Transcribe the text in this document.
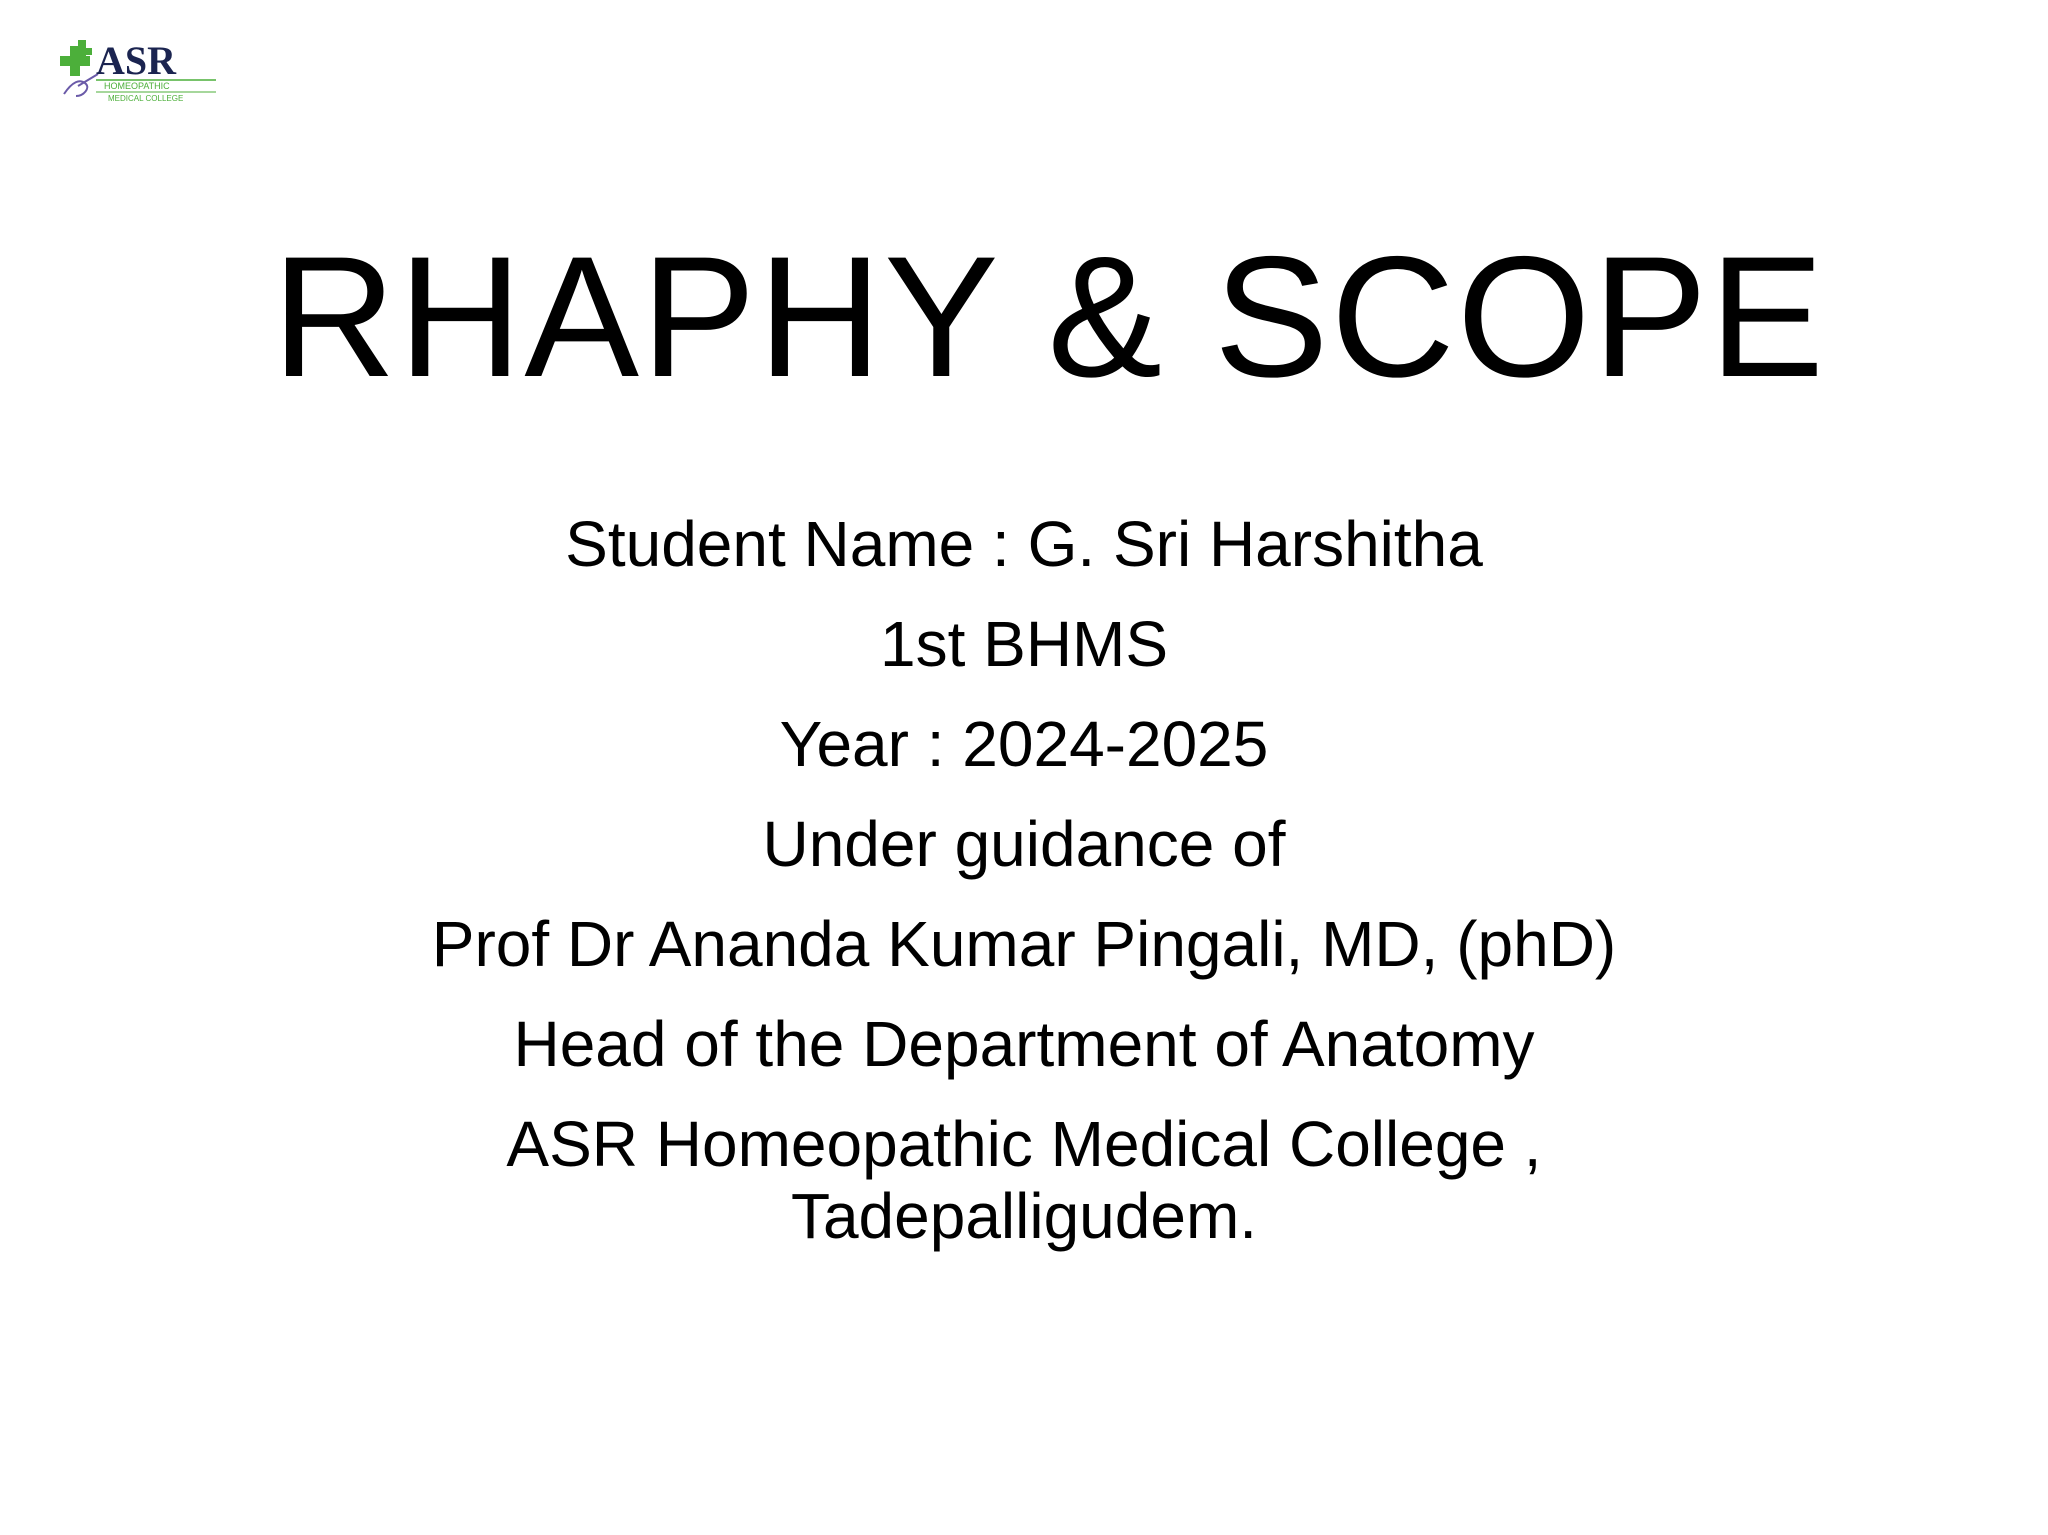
ASR
HOMEOPATHIC
MEDICAL COLLEGE
RHAPHY & SCOPE
Student Name : G. Sri Harshitha
1st BHMS
Year : 2024-2025
Under guidance of
Prof Dr Ananda Kumar Pingali, MD, (phD)
Head of the Department of Anatomy
ASR Homeopathic Medical College ,
Tadepalligudem.
